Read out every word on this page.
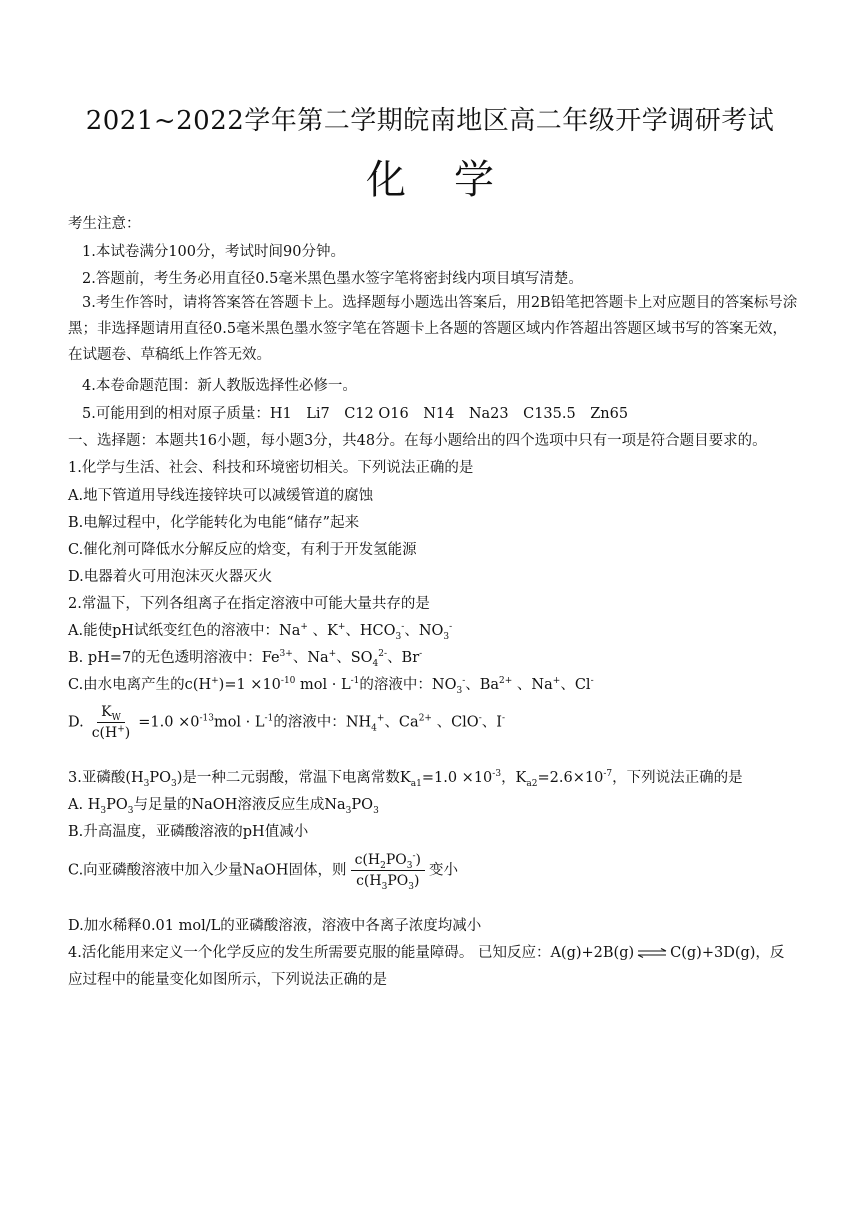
2021~2022学年第二学期皖南地区高二年级开学调研考试
化学
考生注意：
1.本试卷满分100分，考试时间90分钟。
2.答题前，考生务必用直径0.5毫米黑色墨水签字笔将密封线内项目填写清楚。
3.考生作答时，请将答案答在答题卡上。选择题每小题选出答案后，用2B铅笔把答题卡上对应题目的答案标号涂黑；非选择题请用直径0.5毫米黑色墨水签字笔在答题卡上各题的答题区域内作答超出答题区域书写的答案无效，在试题卷、草稿纸上作答无效。
4.本卷命题范围：新人教版选择性必修一。
5.可能用到的相对原子质量：H1　Li7　C12 O16　N14　Na23　C135.5　Zn65
一、选择题：本题共16小题，每小题3分，共48分。在每小题给出的四个选项中只有一项是符合题目要求的。
1.化学与生活、社会、科技和环境密切相关。下列说法正确的是
A.地下管道用导线连接锌块可以减缓管道的腐蚀
B.电解过程中，化学能转化为电能“储存”起来
C.催化剂可降低水分解反应的焓变，有利于开发氢能源
D.电器着火可用泡沫灭火器灭火
2.常温下，下列各组离子在指定溶液中可能大量共存的是
A.能使pH试纸变红色的溶液中：Na+ 、K+、$HCO_3^-$、$NO_3^-$
B. pH=7的无色透明溶液中：$Fe^{3+}$、Na+、$SO_4^{2-}$、Br-
C.由水电离产生的$c(H^+)=1 \times 10^{-10}$ mol · $L^{-1}$的溶液中：$NO_3^-$、$Ba^{2+}$ 、Na+、Cl-
D. $\frac{K_W}{c(H^+)} =1.0 \times 0^{-13}mol \cdot L^{-1}$的溶液中：$NH_4^+$、$Ca^{2+}$ 、ClO-、I-
3.亚磷酸$(H_3PO_3)$是一种二元弱酸，常温下电离常数$K_{a1}=1.0 \times 10^{-3}$，$K_{a2}=2.6\times 10^{-7}$，下列说法正确的是
A. $H_3PO_3$与足量的NaOH溶液反应生成$Na_3PO_3$
B.升高温度，亚磷酸溶液的pH值减小
C.向亚磷酸溶液中加入少量NaOH固体，则 $\frac{c(H_2PO_3^-)}{c(H_3PO_3)}$ 变小
D.加水稀释0.01 mol/L的亚磷酸溶液，溶液中各离子浓度均减小
4.活化能用来定义一个化学反应的发生所需要克服的能量障碍。 已知反应：A(g)+2B(g) ⇌ C(g)+3D(g)，反
应过程中的能量变化如图所示，下列说法正确的是
